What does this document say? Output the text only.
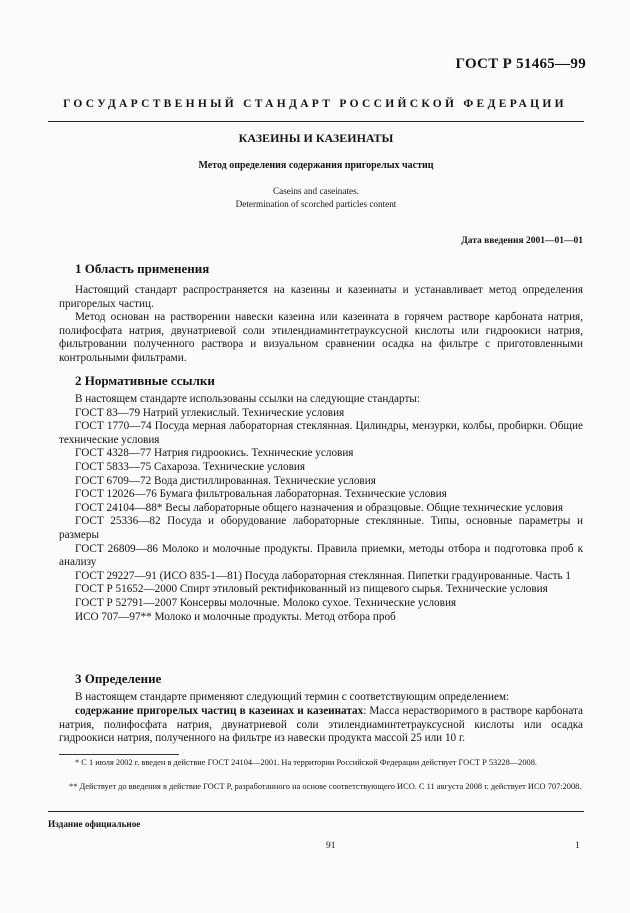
ГОСТ Р 51465—99
ГОСУДАРСТВЕННЫЙ СТАНДАРТ РОССИЙСКОЙ ФЕДЕРАЦИИ
КАЗЕИНЫ И КАЗЕИНАТЫ
Метод определения содержания пригорелых частиц
Caseins and caseinates.
Determination of scorched particles content
Дата введения 2001—01—01
1 Область применения

Настоящий стандарт распространяется на казеины и казеинаты и устанавливает метод определения пригорелых частиц.

Метод основан на растворении навески казеина или казеината в горячем растворе карбоната натрия, полифосфата натрия, двунатриевой соли этилендиаминтетрауксусной кислоты или гидроокиси натрия, фильтровании полученного раствора и визуальном сравнении осадка на фильтре с приготовленными контрольными фильтрами.

2 Нормативные ссылки
В настоящем стандарте использованы ссылки на следующие стандарты:
ГОСТ 83—79 Натрий углекислый. Технические условия
ГОСТ 1770—74 Посуда мерная лабораторная стеклянная. Цилиндры, мензурки, колбы, пробирки. Общие технические условия
ГОСТ 4328—77 Натрия гидроокись. Технические условия
ГОСТ 5833—75 Сахароза. Технические условия
ГОСТ 6709—72 Вода дистиллированная. Технические условия
ГОСТ 12026—76 Бумага фильтровальная лабораторная. Технические условия
ГОСТ 24104—88* Весы лабораторные общего назначения и образцовые. Общие технические условия
ГОСТ 25336—82 Посуда и оборудование лабораторные стеклянные. Типы, основные параметры и размеры
ГОСТ 26809—86 Молоко и молочные продукты. Правила приемки, методы отбора и подготовка проб к анализу
ГОСТ 29227—91 (ИСО 835-1—81) Посуда лабораторная стеклянная. Пипетки градуированные. Часть 1
ГОСТ Р 51652—2000 Спирт этиловый ректификованный из пищевого сырья. Технические условия
ГОСТ Р 52791—2007 Консервы молочные. Молоко сухое. Технические условия
ИСО 707—97** Молоко и молочные продукты. Метод отбора проб
3 Определение

В настоящем стандарте применяют следующий термин с соответствующим определением:

содержание пригорелых частиц в казеинах и казеинатах: Масса нерастворимого в растворе карбоната натрия, полифосфата натрия, двунатриевой соли этилендиаминтетрауксусной кислоты или осадка гидроокиси натрия, полученного на фильтре из навески продукта массой 25 или 10 г.

* С 1 июля 2002 г. введен в действие ГОСТ 24104—2001. На территории Российской Федерации действует ГОСТ Р 53228—2008.

** Действует до введения в действие ГОСТ Р, разработанного на основе соответствующего ИСО. С 11 августа 2008 г. действует ИСО 707:2008.

Издание официальное
91	1
